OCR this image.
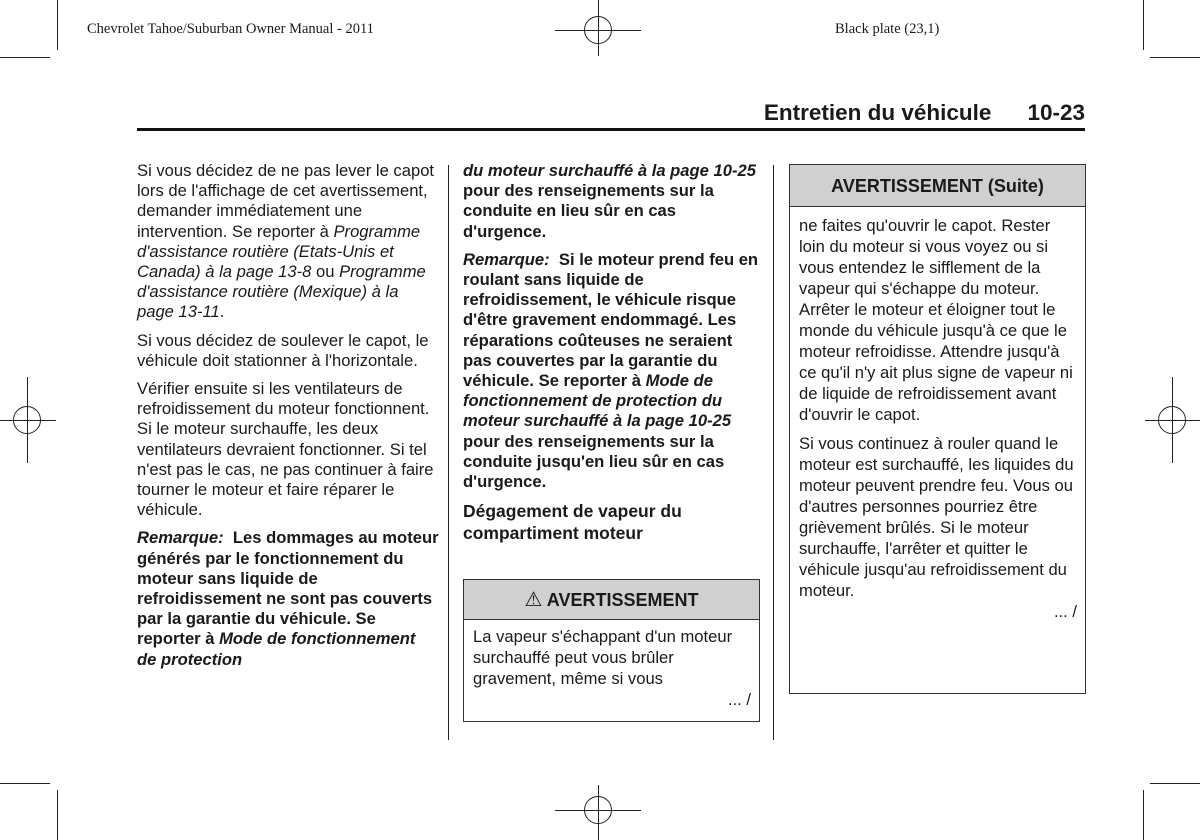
Chevrolet Tahoe/Suburban Owner Manual - 2011	Black plate (23,1)
Entretien du véhicule 10-23

Si vous décidez de ne pas lever le capot lors de l'affichage de cet avertissement, demander immédiatement une intervention. Se reporter à Programme d'assistance routière (Etats-Unis et Canada) à la page 13-8 ou Programme d'assistance routière (Mexique) à la page 13-11.

Si vous décidez de soulever le capot, le véhicule doit stationner à l'horizontale.

Vérifier ensuite si les ventilateurs de refroidissement du moteur fonctionnent. Si le moteur surchauffe, les deux ventilateurs devraient fonctionner. Si tel n'est pas le cas, ne pas continuer à faire tourner le moteur et faire réparer le véhicule.

Remarque:  Les dommages au moteur générés par le fonctionnement du moteur sans liquide de refroidissement ne sont pas couverts par la garantie du véhicule. Se reporter à Mode de fonctionnement de protection

du moteur surchauffé à la page 10-25 pour des renseignements sur la conduite en lieu sûr en cas d'urgence.

Remarque:  Si le moteur prend feu en roulant sans liquide de refroidissement, le véhicule risque d'être gravement endommagé. Les réparations coûteuses ne seraient pas couvertes par la garantie du véhicule. Se reporter à Mode de fonctionnement de protection du moteur surchauffé à la page 10-25 pour des renseignements sur la conduite jusqu'en lieu sûr en cas d'urgence.

Dégagement de vapeur du compartiment moteur

⚠ AVERTISSEMENT
La vapeur s'échappant d'un moteur surchauffé peut vous brûler gravement, même si vous
... /
AVERTISSEMENT (Suite)
ne faites qu'ouvrir le capot. Rester loin du moteur si vous voyez ou si vous entendez le sifflement de la vapeur qui s'échappe du moteur. Arrêter le moteur et éloigner tout le monde du véhicule jusqu'à ce que le moteur refroidisse. Attendre jusqu'à ce qu'il n'y ait plus signe de vapeur ni de liquide de refroidissement avant d'ouvrir le capot.
Si vous continuez à rouler quand le moteur est surchauffé, les liquides du moteur peuvent prendre feu. Vous ou d'autres personnes pourriez être grièvement brûlés. Si le moteur surchauffe, l'arrêter et quitter le véhicule jusqu'au refroidissement du moteur.
... /
